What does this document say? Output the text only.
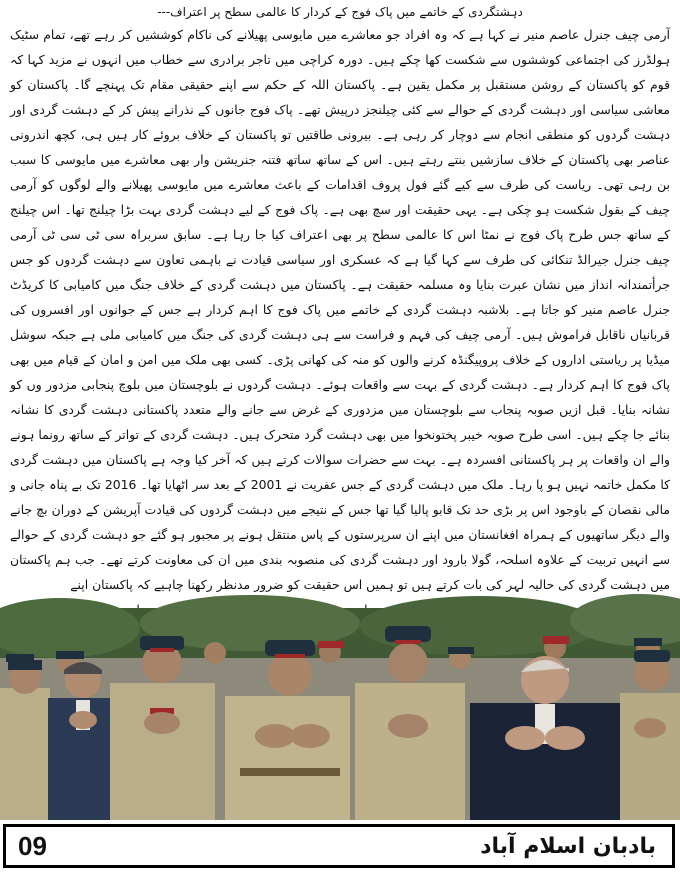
دہشتگردی کے خاتمے میں پاک فوج کے کردار کا عالمی سطح پر اعتراف---

آرمی چیف جنرل عاصم منیر نے کہا ہے کہ وہ افراد جو معاشرے میں مایوسی پھیلانے کی ناکام کوششیں کر رہے تھے، تمام سٹیک ہولڈرز کی اجتماعی کوششوں سے شکست کھا چکے ہیں۔ دورہ کراچی میں تاجر برادری سے خطاب میں انہوں نے مزید کہا کہ قوم کو پاکستان کے روشن مستقبل پر مکمل یقین ہے۔ پاکستان اللہ کے حکم سے اپنے حقیقی مقام تک پہنچے گا۔ پاکستان کو معاشی سیاسی اور دہشت گردی کے حوالے سے کئی چیلنجز درپیش تھے۔ پاک فوج جانوں کے نذرانے پیش کر کے دہشت گردی اور دہشت گردوں کو منطقی انجام سے دوچار کر رہی ہے۔ بیرونی طاقتیں تو پاکستان کے خلاف بروئے کار ہیں ہی، کچھ اندرونی عناصر بھی پاکستان کے خلاف سازشیں بنتے رہتے ہیں۔ اس کے ساتھ ساتھ فتنہ جنریشن وار بھی معاشرے میں مایوسی کا سبب بن رہی تھی۔ ریاست کی طرف سے کیے گئے فول پروف اقدامات کے باعث معاشرے میں مایوسی پھیلانے والے لوگوں کو آرمی چیف کے بقول شکست ہو چکی ہے۔ یہی حقیقت اور سچ بھی ہے۔ پاک فوج کے لیے دہشت گردی بہت بڑا چیلنج تھا۔ اس چیلنج کے ساتھ جس طرح پاک فوج نے نمٹا اس کا عالمی سطح پر بھی اعتراف کیا جا رہا ہے۔ سابق سربراہ سی ٹی سی ٹی آرمی چیف جنرل جیرالڈ تنکائی کی طرف سے کہا گیا ہے کہ عسکری اور سیاسی قیادت نے باہمی تعاون سے دہشت گردوں کو جس جرأتمندانہ انداز میں نشان عبرت بنایا وہ مسلمہ حقیقت ہے۔ پاکستان میں دہشت گردی کے خلاف جنگ میں کامیابی کا کریڈٹ جنرل عاصم منیر کو جاتا ہے۔ بلاشبہ دہشت گردی کے خاتمے میں پاک فوج کا اہم کردار ہے جس کے جوانوں اور افسروں کی قربانیاں ناقابل فراموش ہیں۔ آرمی چیف کی فہم و فراست سے ہی دہشت گردی کی جنگ میں کامیابی ملی ہے جبکہ سوشل میڈیا پر ریاستی اداروں کے خلاف پروپیگنڈہ کرنے والوں کو منہ کی کھانی پڑی۔ کسی بھی ملک میں امن و امان کے قیام میں بھی پاک فوج کا اہم کردار ہے۔ دہشت گردی کے بہت سے واقعات ہوئے۔ دہشت گردوں نے بلوچستان میں بلوچ پنجابی مزدور وں کو نشانہ بنایا۔ قبل ازیں صوبہ پنجاب سے بلوچستان میں مزدوری کے غرض سے جانے والے متعدد پاکستانی دہشت گردی کا نشانہ بنائے جا چکے ہیں۔ اسی طرح صوبہ خیبر پختونخوا میں بھی دہشت گرد متحرک ہیں۔ دہشت گردی کے تواتر کے ساتھ رونما ہونے والے ان واقعات پر ہر پاکستانی افسردہ ہے۔ بہت سے حضرات سوالات کرتے ہیں کہ آخر کیا وجہ ہے پاکستان میں دہشت گردی کا مکمل خاتمہ نہیں ہو پا رہا۔ ملک میں دہشت گردی کے جس عفریت نے 2001 کے بعد سر اٹھایا تھا۔ 2016 تک بے پناہ جانی و مالی نقصان کے باوجود اس پر بڑی حد تک قابو پالیا گیا تھا جس کے نتیجے میں دہشت گردوں کی قیادت آپریشن کے دوران بچ جانے والے دیگر ساتھیوں کے ہمراہ افغانستان میں اپنے ان سرپرستوں کے پاس منتقل ہونے پر مجبور ہو گئے جو دہشت گردی کے حوالے سے انہیں تربیت کے علاوہ اسلحہ، گولا بارود اور دہشت گردی کی منصوبہ بندی میں ان کی معاونت کرتے تھے۔ جب ہم پاکستان میں دہشت گردی کی حالیہ لہر کی بات کرتے ہیں تو ہمیں اس حقیقت کو ضرور مدنظر رکھنا چاہیے کہ پاکستان اپنے

09	بادبان اسلام آباد
